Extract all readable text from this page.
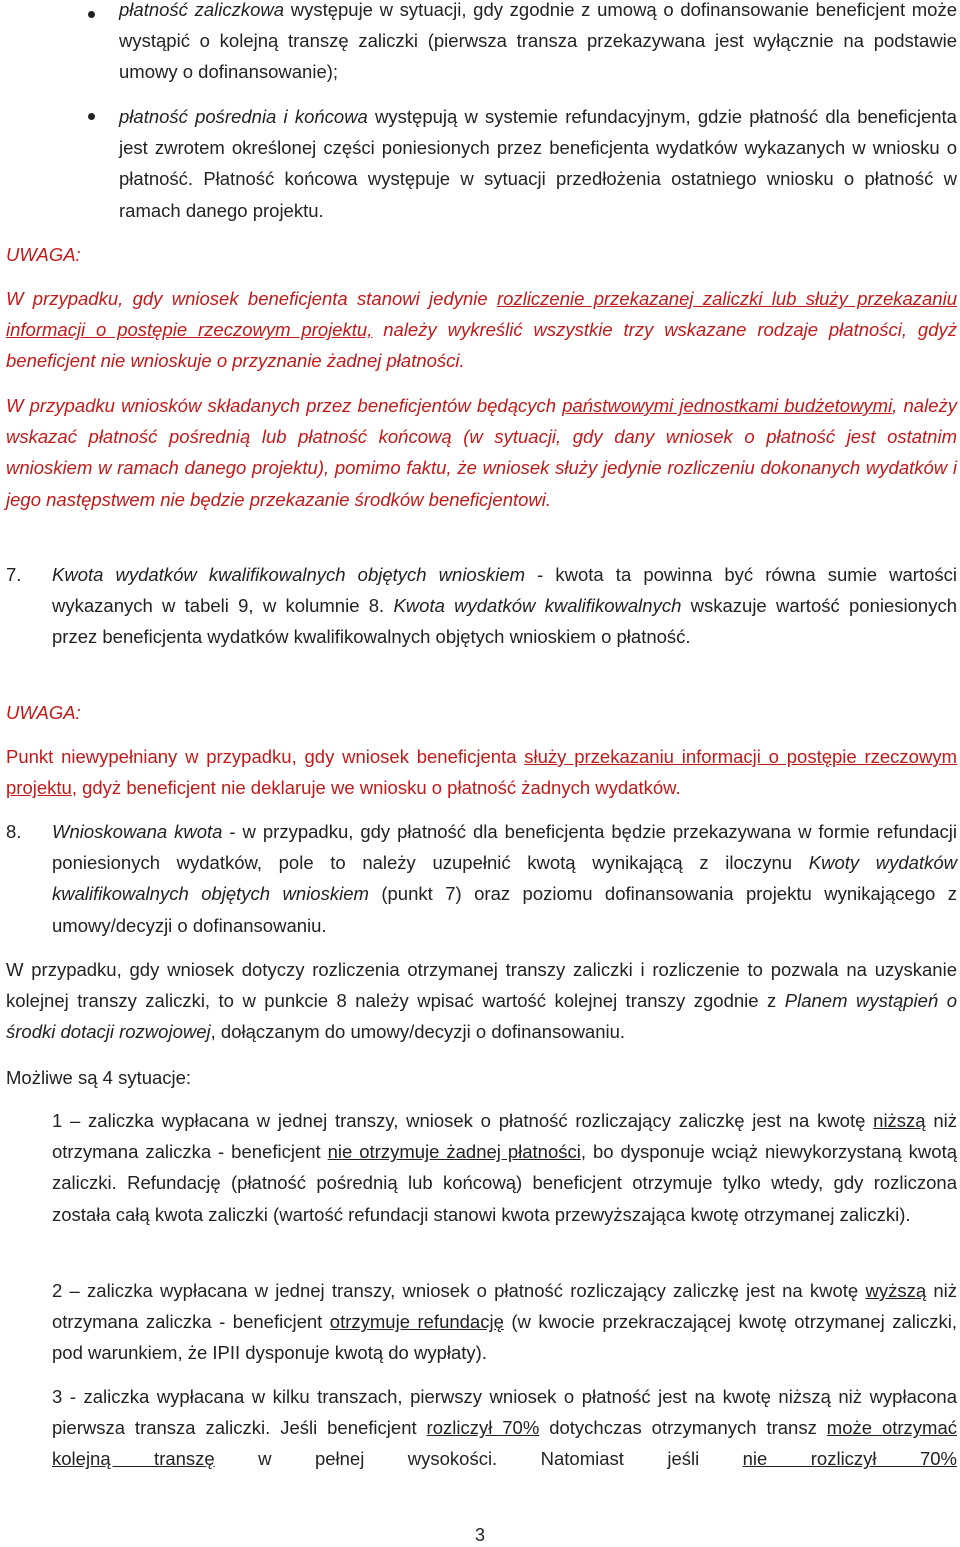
płatność zaliczkowa występuje w sytuacji, gdy zgodnie z umową o dofinansowanie beneficjent może wystąpić o kolejną transzę zaliczki (pierwsza transza przekazywana jest wyłącznie na podstawie umowy o dofinansowanie);

płatność pośrednia i końcowa występują w systemie refundacyjnym, gdzie płatność dla beneficjenta jest zwrotem określonej części poniesionych przez beneficjenta wydatków wykazanych w wniosku o płatność. Płatność końcowa występuje w sytuacji przedłożenia ostatniego wniosku o płatność w ramach danego projektu.

UWAGA:

W przypadku, gdy wniosek beneficjenta stanowi jedynie rozliczenie przekazanej zaliczki lub służy przekazaniu informacji o postępie rzeczowym projektu, należy wykreślić wszystkie trzy wskazane rodzaje płatności, gdyż beneficjent nie wnioskuje o przyznanie żadnej płatności.

W przypadku wniosków składanych przez beneficjentów będących państwowymi jednostkami budżetowymi, należy wskazać płatność pośrednią lub płatność końcową (w sytuacji, gdy dany wniosek o płatność jest ostatnim wnioskiem w ramach danego projektu), pomimo faktu, że wniosek służy jedynie rozliczeniu dokonanych wydatków i jego następstwem nie będzie przekazanie środków beneficjentowi.

7. Kwota wydatków kwalifikowalnych objętych wnioskiem - kwota ta powinna być równa sumie wartości wykazanych w tabeli 9, w kolumnie 8. Kwota wydatków kwalifikowalnych wskazuje wartość poniesionych przez beneficjenta wydatków kwalifikowalnych objętych wnioskiem o płatność.

UWAGA:

Punkt niewypełniany w przypadku, gdy wniosek beneficjenta służy przekazaniu informacji o postępie rzeczowym projektu, gdyż beneficjent nie deklaruje we wniosku o płatność żadnych wydatków.

8. Wnioskowana kwota - w przypadku, gdy płatność dla beneficjenta będzie przekazywana w formie refundacji poniesionych wydatków, pole to należy uzupełnić kwotą wynikającą z iloczynu Kwoty wydatków kwalifikowalnych objętych wnioskiem (punkt 7) oraz poziomu dofinansowania projektu wynikającego z umowy/decyzji o dofinansowaniu.

W przypadku, gdy wniosek dotyczy rozliczenia otrzymanej transzy zaliczki i rozliczenie to pozwala na uzyskanie kolejnej transzy zaliczki, to w punkcie 8 należy wpisać wartość kolejnej transzy zgodnie z Planem wystąpień o środki dotacji rozwojowej, dołączanym do umowy/decyzji o dofinansowaniu.

Możliwe są 4 sytuacje:

1 – zaliczka wypłacana w jednej transzy, wniosek o płatność rozliczający zaliczkę jest na kwotę niższą niż otrzymana zaliczka - beneficjent nie otrzymuje żadnej płatności, bo dysponuje wciąż niewykorzystaną kwotą zaliczki. Refundację (płatność pośrednią lub końcową) beneficjent otrzymuje tylko wtedy, gdy rozliczona została całą kwota zaliczki (wartość refundacji stanowi kwota przewyższająca kwotę otrzymanej zaliczki).

2 – zaliczka wypłacana w jednej transzy, wniosek o płatność rozliczający zaliczkę jest na kwotę wyższą niż otrzymana zaliczka - beneficjent otrzymuje refundację (w kwocie przekraczającej kwotę otrzymanej zaliczki, pod warunkiem, że IPII dysponuje kwotą do wypłaty).

3 - zaliczka wypłacana w kilku transzach, pierwszy wniosek o płatność jest na kwotę niższą niż wypłacona pierwsza transza zaliczki. Jeśli beneficjent rozliczył 70% dotychczas otrzymanych transz może otrzymać kolejną transzę w pełnej wysokości. Natomiast jeśli nie rozliczył 70%

3
